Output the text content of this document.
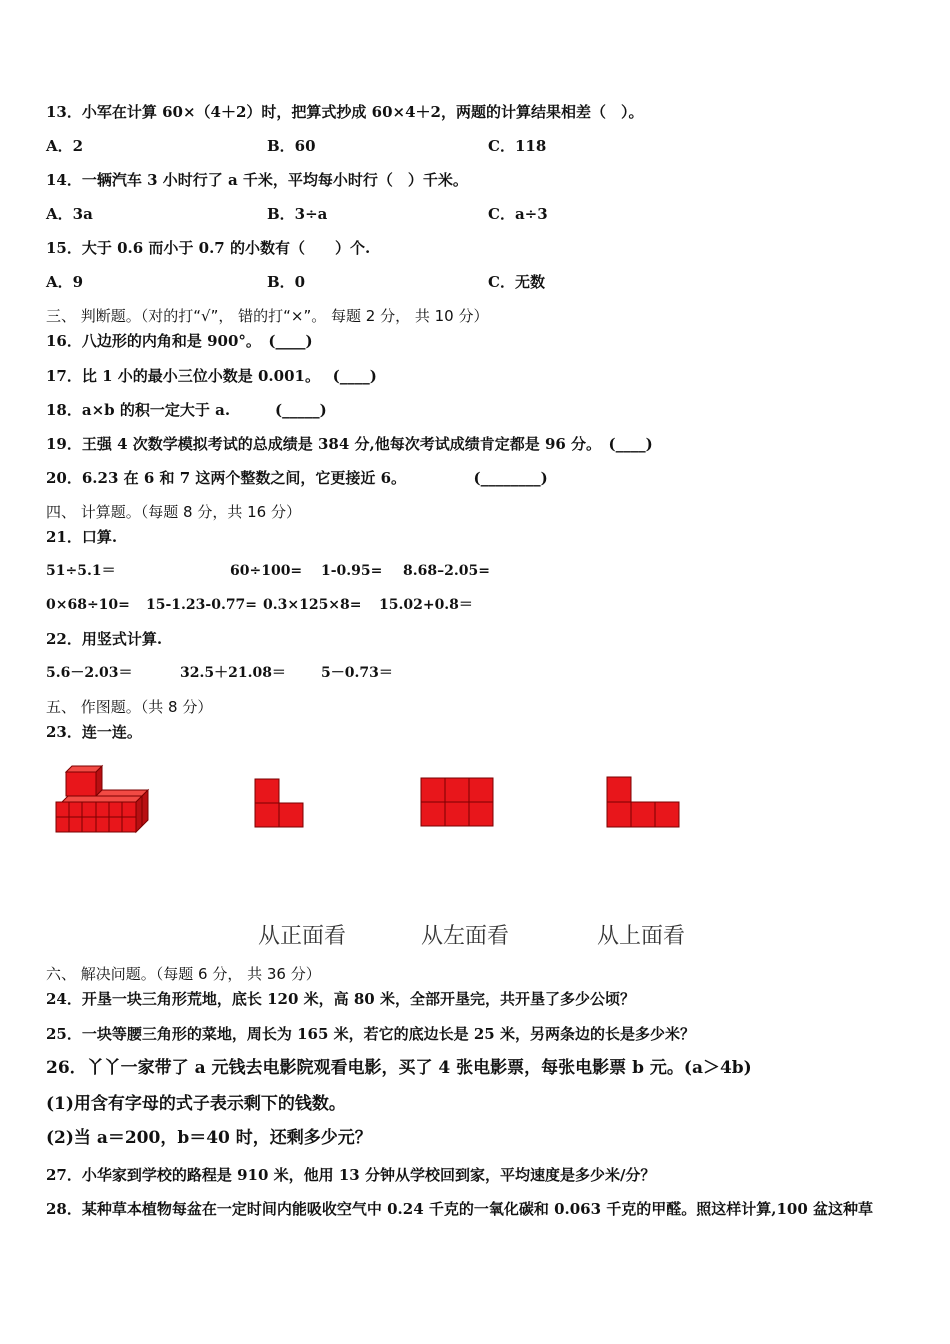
13．小军在计算 60×（4＋2）时，把算式抄成 60×4＋2，两题的计算结果相差（　）。
A．2	B．60	C．118
14．一辆汽车 3 小时行了 a 千米，平均每小时行（　）千米。
A．3a	B．3÷a	C．a÷3
15．大于 0.6 而小于 0.7 的小数有（　　）个.
A．9	B．0	C．无数
三、 判断题。（对的打“√”， 错的打“×”。 每题 2 分， 共 10 分）
16．八边形的内角和是 900°。　(____)
17．比 1 小的最小三位小数是 0.001。　 (____)
18．a×b 的积一定大于 a.　　　(_____)
19．王强 4 次数学模拟考试的总成绩是 384 分,他每次考试成绩肯定都是 96 分。　(____)
20．6.23 在 6 和 7 这两个整数之间，它更接近 6。　　　　　(________)
四、 计算题。（每题 8 分，共 16 分）
21．口算.
51÷5.1＝	60÷100= 1-0.95= 8.68–2.05=
0×68÷10= 15-1.23-0.77= 0.3×125×8= 15.02+0.8＝
22．用竖式计算.
5.6－2.03＝	32.5＋21.08＝	5－0.73＝
五、 作图题。（共 8 分）
23．连一连。
从正面看	从左面看	从上面看
六、 解决问题。（每题 6 分， 共 36 分）
24．开垦一块三角形荒地，底长 120 米，高 80 米，全部开垦完，共开垦了多少公顷？
25．一块等腰三角形的菜地，周长为 165 米，若它的底边长是 25 米，另两条边的长是多少米？
26．丫丫一家带了 a 元钱去电影院观看电影，买了 4 张电影票，每张电影票 b 元。(a＞4b)
(1)用含有字母的式子表示剩下的钱数。
(2)当 a＝200，b＝40 时，还剩多少元？
27．小华家到学校的路程是 910 米，他用 13 分钟从学校回到家，平均速度是多少米/分？
28．某种草本植物每盆在一定时间内能吸收空气中 0.24 千克的一氧化碳和 0.063 千克的甲醛。照这样计算,100 盆这种草
